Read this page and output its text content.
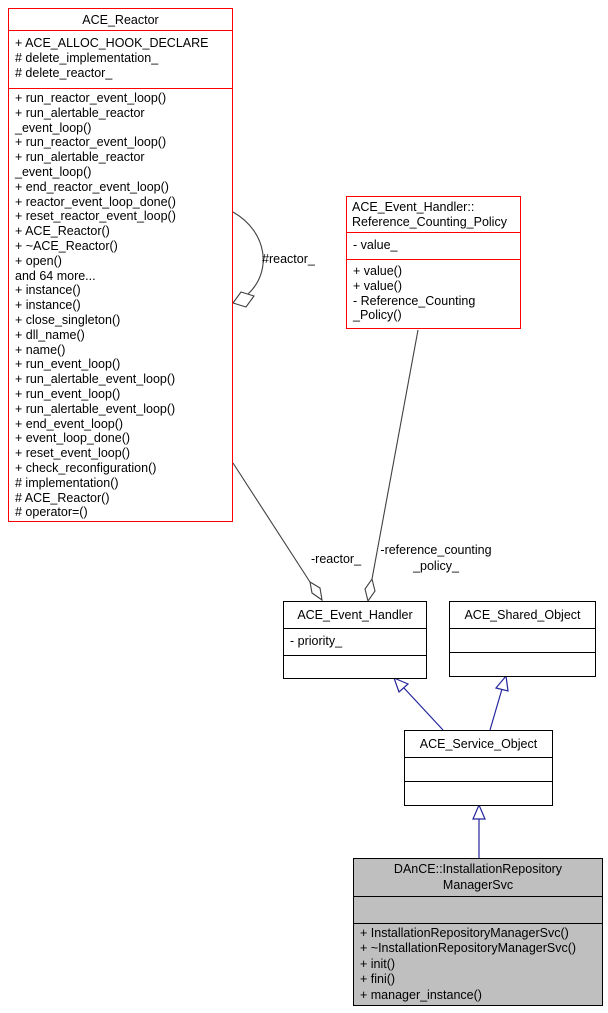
ACE_Reactor
+ ACE_ALLOC_HOOK_DECLARE
# delete_implementation_
# delete_reactor_
+ run_reactor_event_loop()
+ run_alertable_reactor
_event_loop()
+ run_reactor_event_loop()
+ run_alertable_reactor
_event_loop()
+ end_reactor_event_loop()
+ reactor_event_loop_done()
+ reset_reactor_event_loop()
+ ACE_Reactor()
+ ~ACE_Reactor()
+ open()
and 64 more...
+ instance()
+ instance()
+ close_singleton()
+ dll_name()
+ name()
+ run_event_loop()
+ run_alertable_event_loop()
+ run_event_loop()
+ run_alertable_event_loop()
+ end_event_loop()
+ event_loop_done()
+ reset_event_loop()
+ check_reconfiguration()
# implementation()
# ACE_Reactor()
# operator=()
ACE_Event_Handler::
Reference_Counting_Policy
- value_
+ value()
+ value()
- Reference_Counting
_Policy()
ACE_Event_Handler
- priority_
ACE_Shared_Object
ACE_Service_Object
DAnCE::InstallationRepository
ManagerSvc
+ InstallationRepositoryManagerSvc()
+ ~InstallationRepositoryManagerSvc()
+ init()
+ fini()
+ manager_instance()
#reactor_
-reactor_
-reference_counting
_policy_
